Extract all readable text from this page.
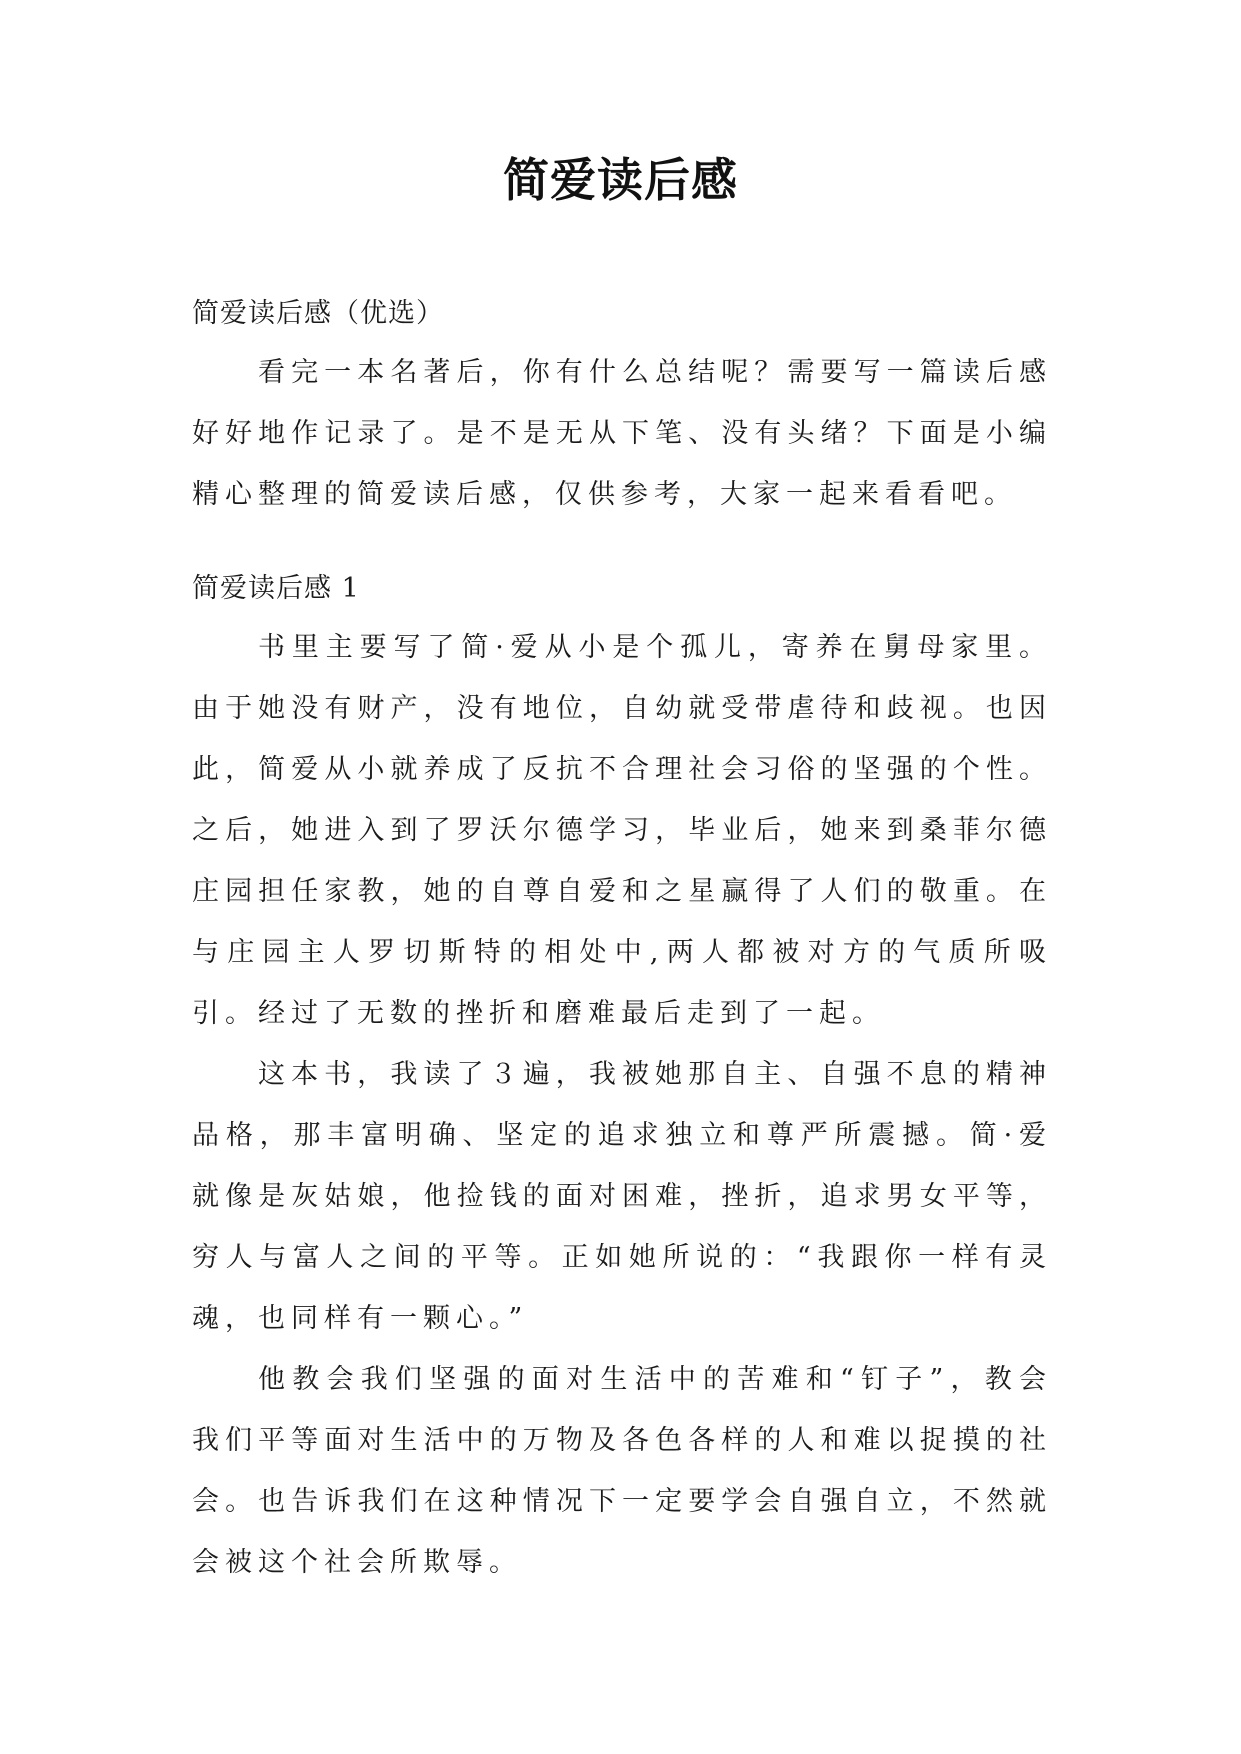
简爱读后感

简爱读后感（优选）

看完一本名著后，你有什么总结呢？需要写一篇读后感好好地作记录了。是不是无从下笔、没有头绪？下面是小编精心整理的简爱读后感，仅供参考，大家一起来看看吧。

简爱读后感 1

书里主要写了简·爱从小是个孤儿，寄养在舅母家里。由于她没有财产，没有地位，自幼就受带虐待和歧视。也因此，简爱从小就养成了反抗不合理社会习俗的坚强的个性。之后，她进入到了罗沃尔德学习，毕业后，她来到桑菲尔德庄园担任家教，她的自尊自爱和之星赢得了人们的敬重。在与庄园主人罗切斯特的相处中,两人都被对方的气质所吸引。经过了无数的挫折和磨难最后走到了一起。

这本书，我读了３遍，我被她那自主、自强不息的精神品格，那丰富明确、坚定的追求独立和尊严所震撼。简·爱就像是灰姑娘，他捡钱的面对困难，挫折，追求男女平等，穷人与富人之间的平等。正如她所说的：“我跟你一样有灵魂，也同样有一颗心。”

他教会我们坚强的面对生活中的苦难和“钉子”，教会我们平等面对生活中的万物及各色各样的人和难以捉摸的社会。也告诉我们在这种情况下一定要学会自强自立，不然就会被这个社会所欺辱。
